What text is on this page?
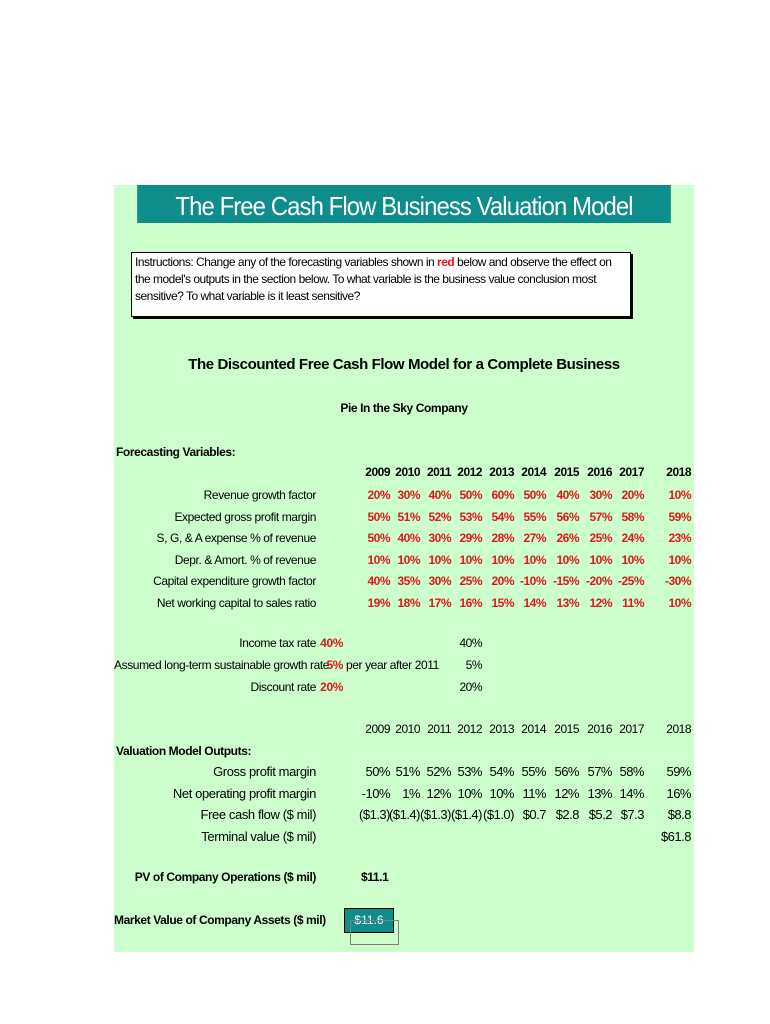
The Free Cash Flow Business Valuation Model
Instructions: Change any of the forecasting variables shown in red below and observe the effect on the model's outputs in the section below. To what variable is the business value conclusion most sensitive? To what variable is it least sensitive?
The Discounted Free Cash Flow Model for a Complete Business
Pie In the Sky Company
Forecasting Variables:
2009 2010 2011 2012 2013 2014 2015 2016 2017	2018
Revenue growth factor	20% 30% 40% 50% 60% 50% 40% 30% 20%	10%
Expected gross profit margin	50% 51% 52% 53% 54% 55% 56% 57% 58%	59%
S, G, & A expense % of revenue	50% 40% 30% 29% 28% 27% 26% 25% 24%	23%
Depr. & Amort. % of revenue	10% 10% 10% 10% 10% 10% 10% 10% 10%	10%
Capital expenditure growth factor	40% 35% 30% 25% 20% -10% -15% -20% -25%	-30%
Net working capital to sales ratio	19% 18% 17% 16% 15% 14% 13% 12% 11%	10%
Income tax rate 40%	40%
Assumed long-term sustainable growth rate
5% per year after 2011	5%
Discount rate 20%	20%
2009 2010 2011 2012 2013 2014 2015 2016 2017	2018
Valuation Model Outputs:
Gross profit margin	50% 51% 52% 53% 54% 55% 56% 57% 58%	59%
Net operating profit margin	-10% 1% 12% 10% 10% 11% 12% 13% 14%	16%
Free cash flow ($ mil)	($1.3) ($1.4) ($1.3) ($1.4) ($1.0) $0.7 $2.8 $5.2 $7.3	$8.8
Terminal value ($ mil)	$61.8
PV of Company Operations ($ mil)	$11.1
Market Value of Company Assets ($ mil)	$11.6
